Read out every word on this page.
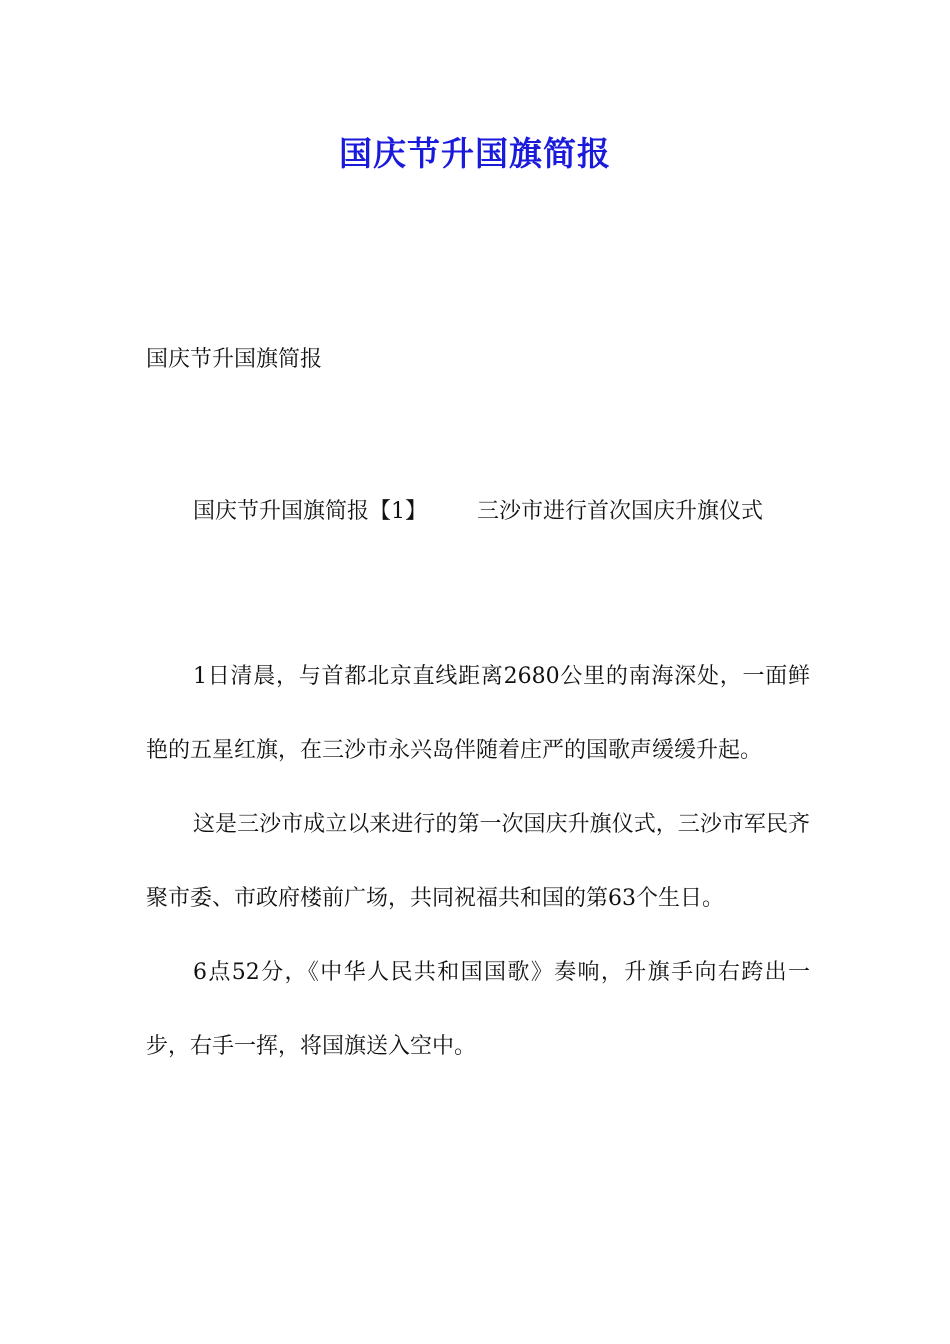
国庆节升国旗简报
国庆节升国旗简报
国庆节升国旗简报【1】 三沙市进行首次国庆升旗仪式

1日清晨，与首都北京直线距离2680公里的南海深处，一面鲜艳的五星红旗，在三沙市永兴岛伴随着庄严的国歌声缓缓升起。

这是三沙市成立以来进行的第一次国庆升旗仪式，三沙市军民齐聚市委、市政府楼前广场，共同祝福共和国的第63个生日。

6点52分，《中华人民共和国国歌》奏响，升旗手向右跨出一步，右手一挥，将国旗送入空中。
